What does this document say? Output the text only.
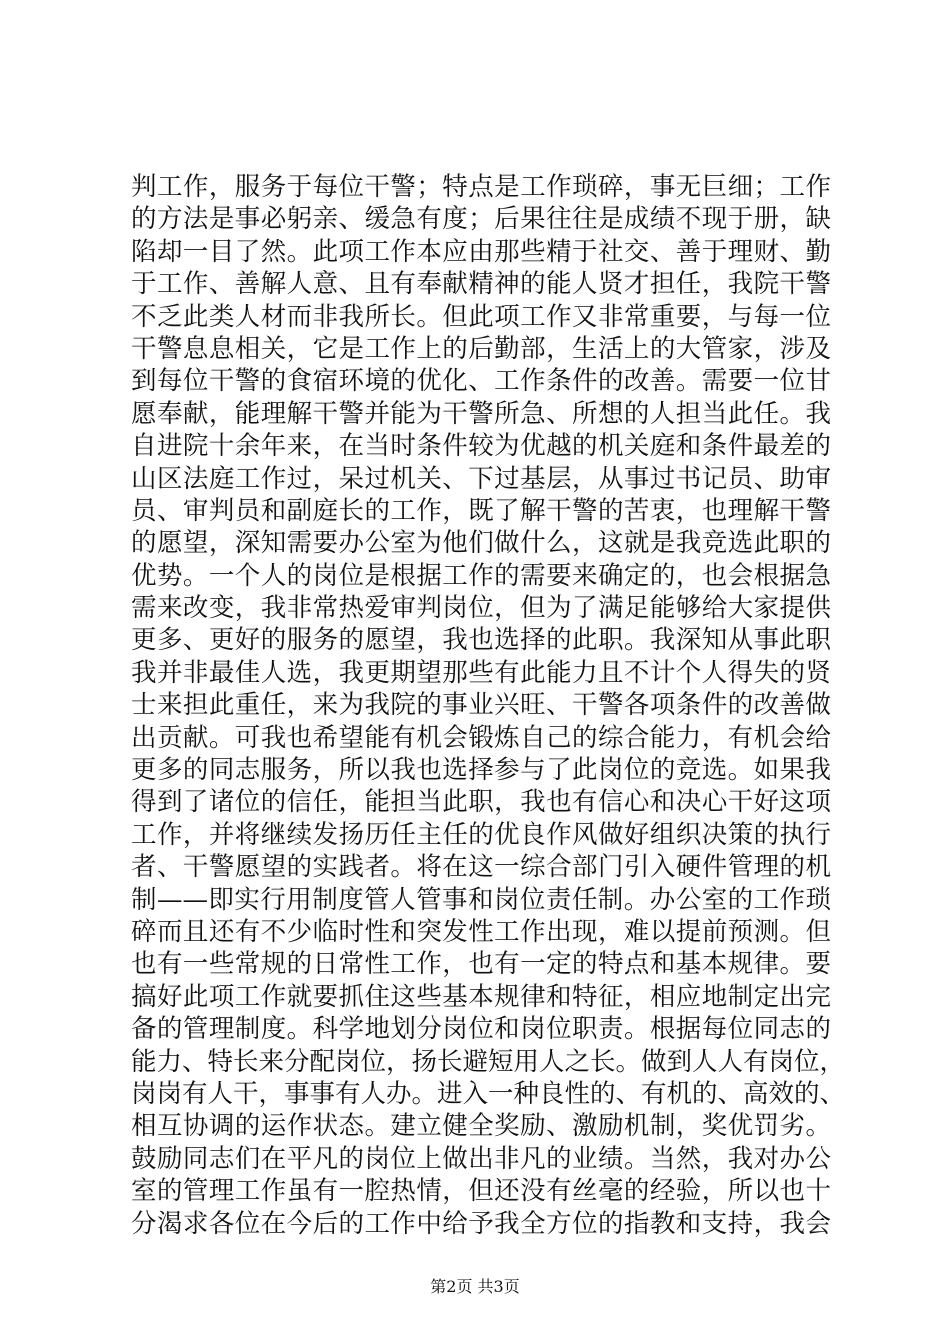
判工作，服务于每位干警；特点是工作琐碎，事无巨细；工作
的方法是事必躬亲、缓急有度；后果往往是成绩不现于册，缺
陷却一目了然。此项工作本应由那些精于社交、善于理财、勤
于工作、善解人意、且有奉献精神的能人贤才担任，我院干警
不乏此类人材而非我所长。但此项工作又非常重要，与每一位
干警息息相关，它是工作上的后勤部，生活上的大管家，涉及
到每位干警的食宿环境的优化、工作条件的改善。需要一位甘
愿奉献，能理解干警并能为干警所急、所想的人担当此任。我
自进院十余年来，在当时条件较为优越的机关庭和条件最差的
山区法庭工作过，呆过机关、下过基层，从事过书记员、助审
员、审判员和副庭长的工作，既了解干警的苦衷，也理解干警
的愿望，深知需要办公室为他们做什么，这就是我竞选此职的
优势。一个人的岗位是根据工作的需要来确定的，也会根据急
需来改变，我非常热爱审判岗位，但为了满足能够给大家提供
更多、更好的服务的愿望，我也选择的此职。我深知从事此职
我并非最佳人选，我更期望那些有此能力且不计个人得失的贤
士来担此重任，来为我院的事业兴旺、干警各项条件的改善做
出贡献。可我也希望能有机会锻炼自己的综合能力，有机会给
更多的同志服务，所以我也选择参与了此岗位的竞选。如果我
得到了诸位的信任，能担当此职，我也有信心和决心干好这项
工作，并将继续发扬历任主任的优良作风做好组织决策的执行
者、干警愿望的实践者。将在这一综合部门引入硬件管理的机
制——即实行用制度管人管事和岗位责任制。办公室的工作琐
碎而且还有不少临时性和突发性工作出现，难以提前预测。但
也有一些常规的日常性工作，也有一定的特点和基本规律。要
搞好此项工作就要抓住这些基本规律和特征，相应地制定出完
备的管理制度。科学地划分岗位和岗位职责。根据每位同志的
能力、特长来分配岗位，扬长避短用人之长。做到人人有岗位，
岗岗有人干，事事有人办。进入一种良性的、有机的、高效的、
相互协调的运作状态。建立健全奖励、激励机制，奖优罚劣。
鼓励同志们在平凡的岗位上做出非凡的业绩。当然，我对办公
室的管理工作虽有一腔热情，但还没有丝毫的经验，所以也十
分渴求各位在今后的工作中给予我全方位的指教和支持，我会
第2页 共3页
